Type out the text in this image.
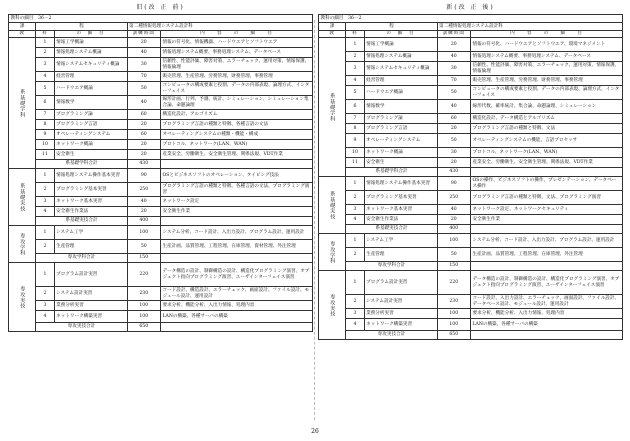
旧(改 正 前)
教科の細目　36－2				
課	程		第二種情報処理システム設計科	
教	科	の　 細　 目	訓練時間	内　　 容　　 の　　 細　　 目

系基礎学科	1	情報工学概論	20	情報の符号化、情報機器、ハードウエアとソフトウエア
	2	情報処理システム概論	40	情報処理システム概要、事務処理システム、データベース
	3	情報システムセキュリティ概論	30	信頼性、性能評価、障害対策、エラーチェック、運用対策、情報保護、情報倫理
	4	経営管理	70	販売管理、生産管理、労務管理、財務管理、事務管理
	5	ハードウエア概論	50	コンピュータの構成要素と役割、データの内部表現、論理方式、インターフェイス
	6	情報数学	40	線形計画、行列、予測、統計、シミュレーション、シミュレーション集合論、命題論理
	7	プログラミング論	60	構造化設計、アルゴリズム
	8	プログラミング言語	20	プログラミング言語の種類と特徴、各種言語の文法
	9	オペレーティングシステム	60	オペレーティングシステムの種類・機能・構成
	10	ネットワーク概論	20	プロトコル、ネットワーク(LAN、WAN)
	11	安全衛生	20	産業安全、労働衛生、安全衛生管理、関係法規、VDT作業
	系基礎学科合計		430	

系基礎実技	1	情報処理システム操作基本実習	90	OSとビジネスソフトのオペレーション、タイピング技法
	2	プログラミング基本実習	250	プログラミング言語の種類と特徴、各種言語の文法、プログラミング演習
	3	ネットワーク基本実習	40	ネットワーク設定
	4	安全衛生作業法	20	安全衛生作業
	系基礎実技合計		400	

専攻学科	1	システム工学	100	システム分析、コード設計、入出力設計、プログラム設計、運用設計
	2	生産管理	50	生産計画、品質管理、工程管理、在庫管理、資材管理、外注管理
	専攻学科合計		150	

専攻実技	1	プログラム設計実習	220	データ構造の設計、制御構造の設計、構造化プログラミング演習、オブジェクト指向プログラミング演習、ユーザインターフェイス演習
	2	システム設計実習	230	コード設計、構造設計、エラーチェック、画面設計、ファイル設計、モジュール設計、運用設計
	3	業務分析実習	100	要求分析、機能分析、入出力情報、処理内容
	4	ネットワーク構築実習	100	LANの構築、各種サーバの構築
	専攻実技合計		650	
新(改 正 後)
教科の細目　36－2				
課	程		第二種情報処理システム設計科	
教	科	の　 細　 目	訓練時間	内　　 容　　 の　　 細　　 目

系基礎学科	1	情報工学概論	20	情報の符号化、ハードウエアとソフトウエア、環境マネジメント
	2	情報処理システム概論	40	情報処理システム概要、事務処理システム、データベース
	3	情報システムセキュリティ概論	30	信頼性、性能評価、障害対策、エラーチェック、運用対策、情報保護、情報倫理
	4	経営管理	70	販売管理、生産管理、労務管理、財務管理、事務管理
	5	ハードウエア概論	50	コンピュータの構成要素と役割、データの内部表現、論理方式、インターフェイス
	6	情報数学	40	線形代数、確率統計、集合論、命題論理、シミュレーション
	7	プログラミング論	60	構造化設計、データ構造とアルゴリズム
	8	プログラミング言語	20	プログラミング言語の種類と特徴、文法
	9	オペレーティングシステム	50	オペレーティングシステムの機能、言語プロセッサ
	10	ネットワーク概論	30	プロトコル、ネットワーク(LAN、WAN)
	11	安全衛生	20	産業安全、労働衛生、安全衛生管理、関係法規、VDT作業
	系基礎学科合計		430	

系基礎実技	1	情報処理システム操作基本実習	90	OSの操作、ビジネスソフトの操作、プレゼンテーション、データベース操作
	2	プログラミング基本実習	250	プログラミング言語の種類と特徴、文法、プログラミング演習
	3	ネットワーク基本実習	40	ネットワーク設定、ネットワークセキュリティ
	4	安全衛生作業法	20	安全衛生作業
	系基礎実技合計		400	

専攻学科	1	システム工学	100	システム分析、コード設計、入出力設計、プログラム設計、運用設計
	2	生産管理	50	生産計画、品質管理、工程管理、在庫管理、外注管理
	専攻学科合計		150	

専攻実技	1	プログラム設計実習	220	データ構造の設計、制御構造の設計、構造化プログラミング演習、オブジェクト指向プログラミング演習、ユーザインターフェイス演習
	2	システム設計実習	230	コード設計、入出力設計、エラーチェック、画面設計、ファイル設計、データベース設計、モジュール設計、運用設計
	3	業務分析実習	100	要求分析、機能分析、入出力情報、処理内容
	4	ネットワーク構築実習	100	LANの構築、各種サーバの構築
	専攻実技合計		650	
26
